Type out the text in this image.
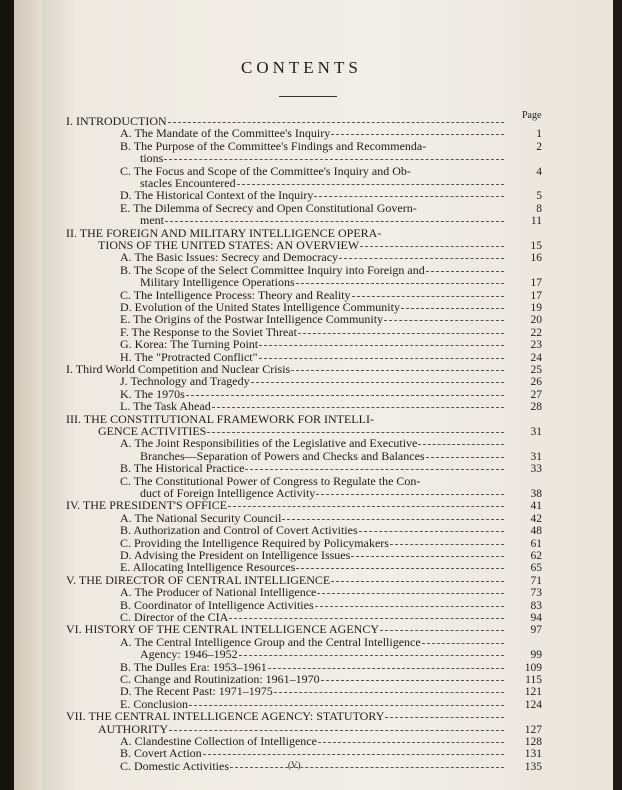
CONTENTS
Page
I. INTRODUCTION
A. The Mandate of the Committee's Inquiry	1
B. The Purpose of the Committee's Findings and Recommenda-	2
tions
C. The Focus and Scope of the Committee's Inquiry and Ob-	4
stacles Encountered
D. The Historical Context of the Inquiry	5
E. The Dilemma of Secrecy and Open Constitutional Govern-	8
ment	11
II. THE FOREIGN AND MILITARY INTELLIGENCE OPERA-
TIONS OF THE UNITED STATES: AN OVERVIEW	15
A. The Basic Issues: Secrecy and Democracy	16
B. The Scope of the Select Committee Inquiry into Foreign and
Military Intelligence Operations	17
C. The Intelligence Process: Theory and Reality	17
D. Evolution of the United States Intelligence Community	19
E. The Origins of the Postwar Intelligence Community	20
F. The Response to the Soviet Threat	22
G. Korea: The Turning Point	23
H. The "Protracted Conflict"	24
I. Third World Competition and Nuclear Crisis	25
J. Technology and Tragedy	26
K. The 1970s	27
L. The Task Ahead	28
III. THE CONSTITUTIONAL FRAMEWORK FOR INTELLI-
GENCE ACTIVITIES	31
A. The Joint Responsibilities of the Legislative and Executive
Branches—Separation of Powers and Checks and Balances	31
B. The Historical Practice	33
C. The Constitutional Power of Congress to Regulate the Con-
duct of Foreign Intelligence Activity	38
IV. THE PRESIDENT'S OFFICE	41
A. The National Security Council	42
B. Authorization and Control of Covert Activities	48
C. Providing the Intelligence Required by Policymakers	61
D. Advising the President on Intelligence Issues	62
E. Allocating Intelligence Resources	65
V. THE DIRECTOR OF CENTRAL INTELLIGENCE	71
A. The Producer of National Intelligence	73
B. Coordinator of Intelligence Activities	83
C. Director of the CIA	94
VI. HISTORY OF THE CENTRAL INTELLIGENCE AGENCY	97
A. The Central Intelligence Group and the Central Intelligence
Agency: 1946–1952	99
B. The Dulles Era: 1953–1961	109
C. Change and Routinization: 1961–1970	115
D. The Recent Past: 1971–1975	121
E. Conclusion	124
VII. THE CENTRAL INTELLIGENCE AGENCY: STATUTORY
AUTHORITY	127
A. Clandestine Collection of Intelligence	128
B. Covert Action	131
C. Domestic Activities	135
(V)
